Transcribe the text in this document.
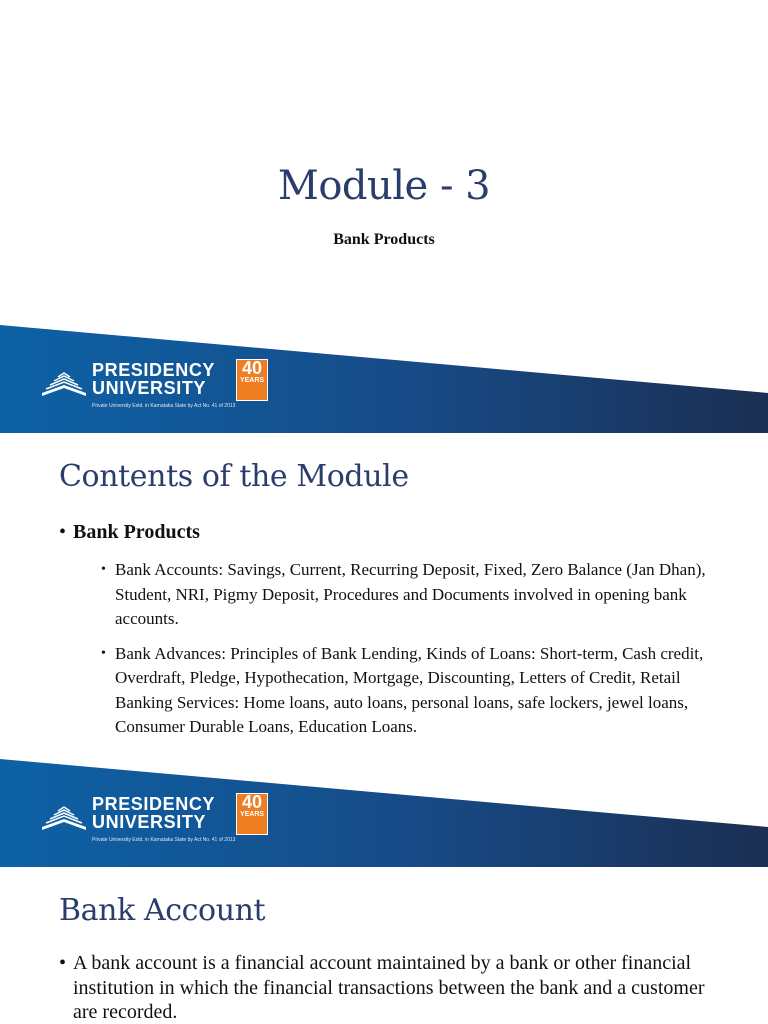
Module - 3

Bank Products

PRESIDENCY
UNIVERSITY
Private University Estd. in Karnataka State by Act No. 41 of 2013
40
YEARS
Contents of the Module
• Bank Products
• Bank Accounts: Savings, Current, Recurring Deposit, Fixed, Zero Balance (Jan Dhan), Student, NRI, Pigmy Deposit, Procedures and Documents involved in opening bank accounts.
• Bank Advances: Principles of Bank Lending, Kinds of Loans: Short-term, Cash credit, Overdraft, Pledge, Hypothecation, Mortgage, Discounting, Letters of Credit, Retail Banking Services: Home loans, auto loans, personal loans, safe lockers, jewel loans, Consumer Durable Loans, Education Loans.
PRESIDENCY
UNIVERSITY
Private University Estd. in Karnataka State by Act No. 41 of 2013
40
YEARS
Bank Account
• A bank account is a financial account maintained by a bank or other financial institution in which the financial transactions between the bank and a customer are recorded.
